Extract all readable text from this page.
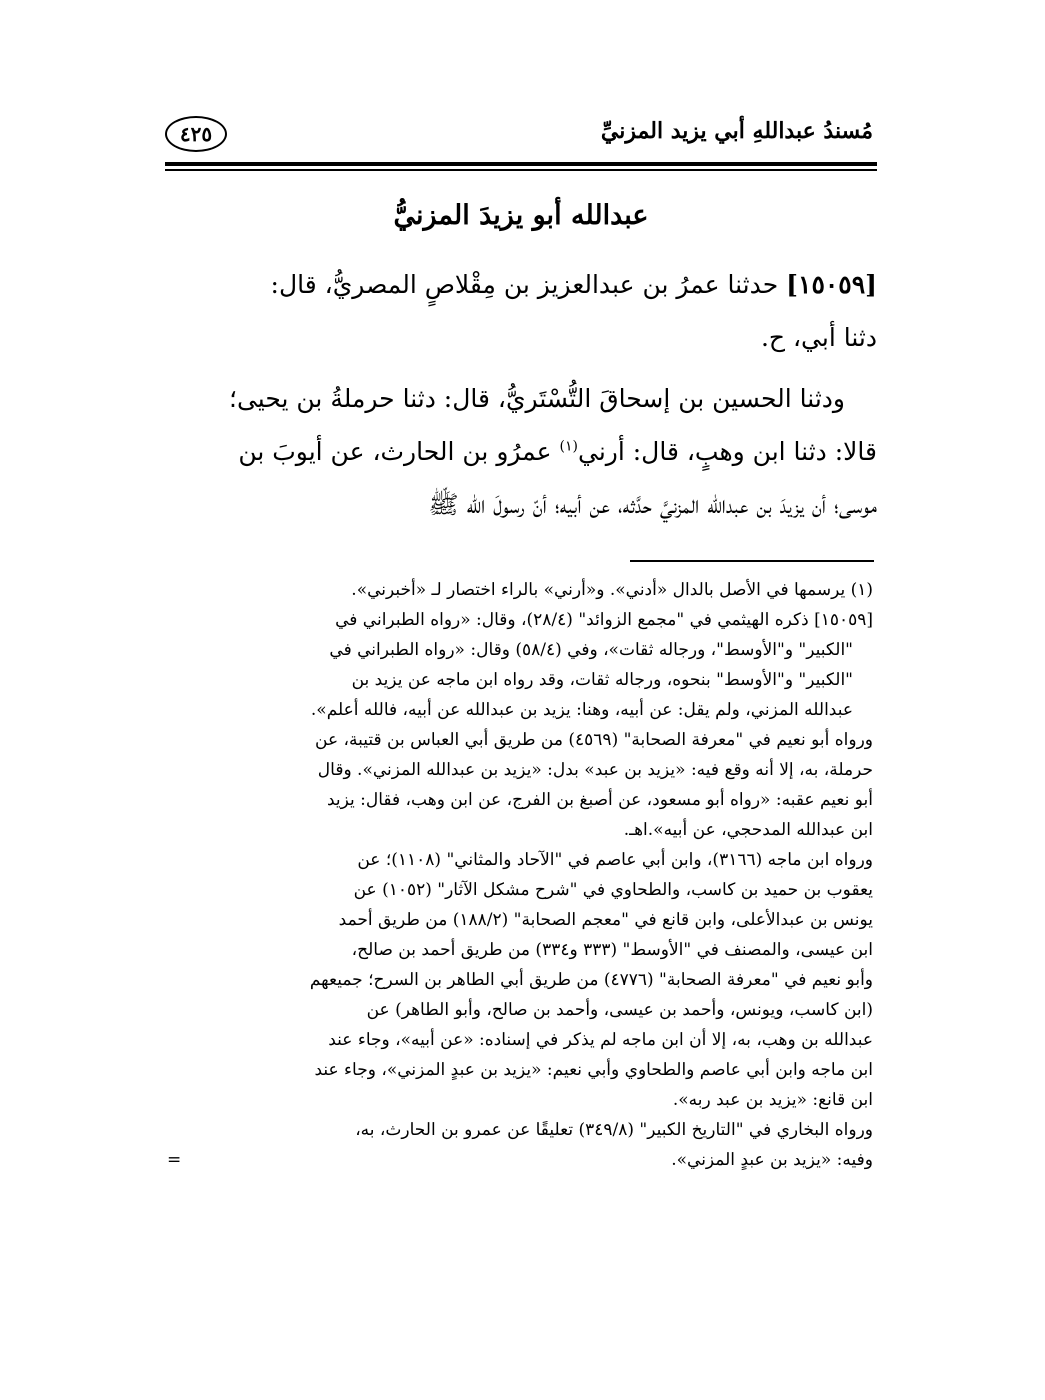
مُسندُ عبداللهِ أبي يزيد المزنيِّ
٤٢٥
عبدالله أبو يزيدَ المزنيُّ
[١٥٠٥٩] حدثنا عمرُ بن عبدالعزيز بن مِقْلاصٍ المصريُّ، قال:
دثنا أبي، ح.
ودثنا الحسين بن إسحاقَ التُّسْتَريُّ، قال: دثنا حرملةُ بن يحيى؛
قالا: دثنا ابن وهبٍ، قال: أرني$^{(١)}$ عمرُو بن الحارث، عن أيوبَ بن
موسى؛ أن يزيدَ بن عبدالله المزنيَّ حدَّثه، عن أبيه؛ أنّ رسولَ الله ﷺ
(١) يرسمها في الأصل بالدال «أدني». و«أرني» بالراء اختصار لـ «أخبرني».
[١٥٠٥٩] ذكره الهيثمي في "مجمع الزوائد" (٢٨/٤)، وقال: «رواه الطبراني في
"الكبير" و"الأوسط"، ورجاله ثقات»، وفي (٥٨/٤) وقال: «رواه الطبراني في
"الكبير" و"الأوسط" بنحوه، ورجاله ثقات، وقد رواه ابن ماجه عن يزيد بن
عبدالله المزني، ولم يقل: عن أبيه، وهنا: يزيد بن عبدالله عن أبيه، فالله أعلم».
ورواه أبو نعيم في "معرفة الصحابة" (٤٥٦٩) من طريق أبي العباس بن قتيبة، عن
حرملة، به، إلا أنه وقع فيه: «يزيد بن عبد» بدل: «يزيد بن عبدالله المزني». وقال
أبو نعيم عقبه: «رواه أبو مسعود، عن أصبغ بن الفرج، عن ابن وهب، فقال: يزيد
ابن عبدالله المدحجي، عن أبيه».اهـ.
ورواه ابن ماجه (٣١٦٦)، وابن أبي عاصم في "الآحاد والمثاني" (١١٠٨)؛ عن
يعقوب بن حميد بن كاسب، والطحاوي في "شرح مشكل الآثار" (١٠٥٢) عن
يونس بن عبدالأعلى، وابن قانع في "معجم الصحابة" (١٨٨/٢) من طريق أحمد
ابن عيسى، والمصنف في "الأوسط" (٣٣٣ و٣٣٤) من طريق أحمد بن صالح،
وأبو نعيم في "معرفة الصحابة" (٤٧٧٦) من طريق أبي الطاهر بن السرح؛ جميعهم
(ابن كاسب، ويونس، وأحمد بن عيسى، وأحمد بن صالح، وأبو الطاهر) عن
عبدالله بن وهب، به، إلا أن ابن ماجه لم يذكر في إسناده: «عن أبيه»، وجاء عند
ابن ماجه وابن أبي عاصم والطحاوي وأبي نعيم: «يزيد بن عبدٍ المزني»، وجاء عند
ابن قانع: «يزيد بن عبد ربه».
ورواه البخاري في "التاريخ الكبير" (٣٤٩/٨) تعليقًا عن عمرو بن الحارث، به،
وفيه: «يزيد بن عبدٍ المزني».
=
